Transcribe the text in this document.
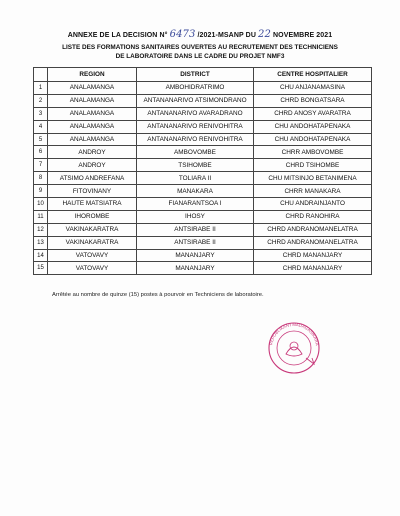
ANNEXE DE LA DECISION N° 6473 /2021-MSANP DU 22 NOVEMBRE 2021
LISTE DES FORMATIONS SANITAIRES OUVERTES AU RECRUTEMENT DES TECHNICIENS
DE LABORATOIRE DANS LE CADRE DU PROJET NMF3
	REGION	DISTRICT	CENTRE HOSPITALIER
1	ANALAMANGA	AMBOHIDRATRIMO	CHU ANJANAMASINA
2	ANALAMANGA	ANTANANARIVO ATSIMONDRANO	CHRD BONGATSARA
3	ANALAMANGA	ANTANANARIVO AVARADRANO	CHRD ANOSY AVARATRA
4	ANALAMANGA	ANTANANARIVO RENIVOHITRA	CHU ANDOHATAPENAKA
5	ANALAMANGA	ANTANANARIVO RENIVOHITRA	CHU ANDOHATAPENAKA
6	ANDROY	AMBOVOMBE	CHRR AMBOVOMBE
7	ANDROY	TSIHOMBE	CHRD TSIHOMBE
8	ATSIMO ANDREFANA	TOLIARA II	CHU MITSINJO BETANIMENA
9	FITOVINANY	MANAKARA	CHRR MANAKARA
10	HAUTE MATSIATRA	FIANARANTSOA I	CHU ANDRAINJANTO
11	IHOROMBE	IHOSY	CHRD RANOHIRA
12	VAKINAKARATRA	ANTSIRABE II	CHRD ANDRANOMANELATRA
13	VAKINAKARATRA	ANTSIRABE II	CHRD ANDRANOMANELATRA
14	VATOVAVY	MANANJARY	CHRD MANANJARY
15	VATOVAVY	MANANJARY	CHRD MANANJARY
Arrêtée au nombre de quinze (15) postes à pourvoir en Techniciens de laboratoire.
REPOBLIKAN'I MADAGASIKARA
